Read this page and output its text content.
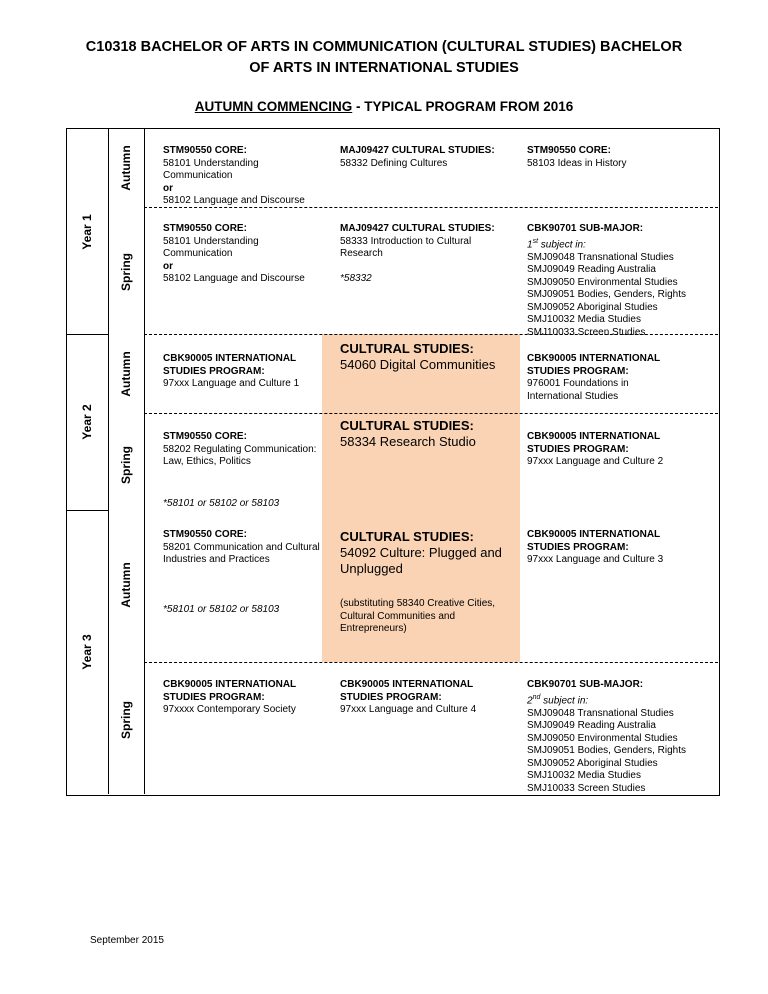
C10318 BACHELOR OF ARTS IN COMMUNICATION (CULTURAL STUDIES) BACHELOR
OF ARTS IN INTERNATIONAL STUDIES
AUTUMN COMMENCING - TYPICAL PROGRAM FROM 2016
Year 1
Year 2
Year 3
Autumn
Spring
Autumn
Spring
Autumn
Spring
STM90550 CORE:
58101 Understanding
Communication
or
58102 Language and Discourse
MAJ09427 CULTURAL STUDIES:
58332 Defining Cultures
STM90550 CORE:
58103 Ideas in History
STM90550 CORE:
58101 Understanding
Communication
or
58102 Language and Discourse
MAJ09427 CULTURAL STUDIES:
58333 Introduction to Cultural
Research
*58332
CBK90701 SUB-MAJOR:
1st subject in:
SMJ09048 Transnational Studies
SMJ09049 Reading Australia
SMJ09050 Environmental Studies
SMJ09051 Bodies, Genders, Rights
SMJ09052 Aboriginal Studies
SMJ10032 Media Studies
SMJ10033 Screen Studies
CBK90005 INTERNATIONAL
STUDIES PROGRAM:
97xxx Language and Culture 1
CULTURAL STUDIES:
54060 Digital Communities	CBK90005 INTERNATIONAL
STUDIES PROGRAM:
976001 Foundations in
International Studies
STM90550 CORE:
58202 Regulating Communication:
Law, Ethics, Politics
CULTURAL STUDIES:
58334 Research Studio	CBK90005 INTERNATIONAL
STUDIES PROGRAM:
97xxx Language and Culture 2
*58101 or 58102 or 58103
STM90550 CORE:
58201 Communication and Cultural
Industries and Practices
*58101 or 58102 or 58103
CULTURAL STUDIES:
54092 Culture: Plugged and
Unplugged
(substituting 58340 Creative Cities,
Cultural Communities and
Entrepreneurs)
CBK90005 INTERNATIONAL
STUDIES PROGRAM:
97xxx Language and Culture 3
CBK90005 INTERNATIONAL
STUDIES PROGRAM:
97xxxx Contemporary Society
CBK90005 INTERNATIONAL
STUDIES PROGRAM:
97xxx Language and Culture 4
CBK90701 SUB-MAJOR:
2nd subject in:
SMJ09048 Transnational Studies
SMJ09049 Reading Australia
SMJ09050 Environmental Studies
SMJ09051 Bodies, Genders, Rights
SMJ09052 Aboriginal Studies
SMJ10032 Media Studies
SMJ10033 Screen Studies
September 2015
